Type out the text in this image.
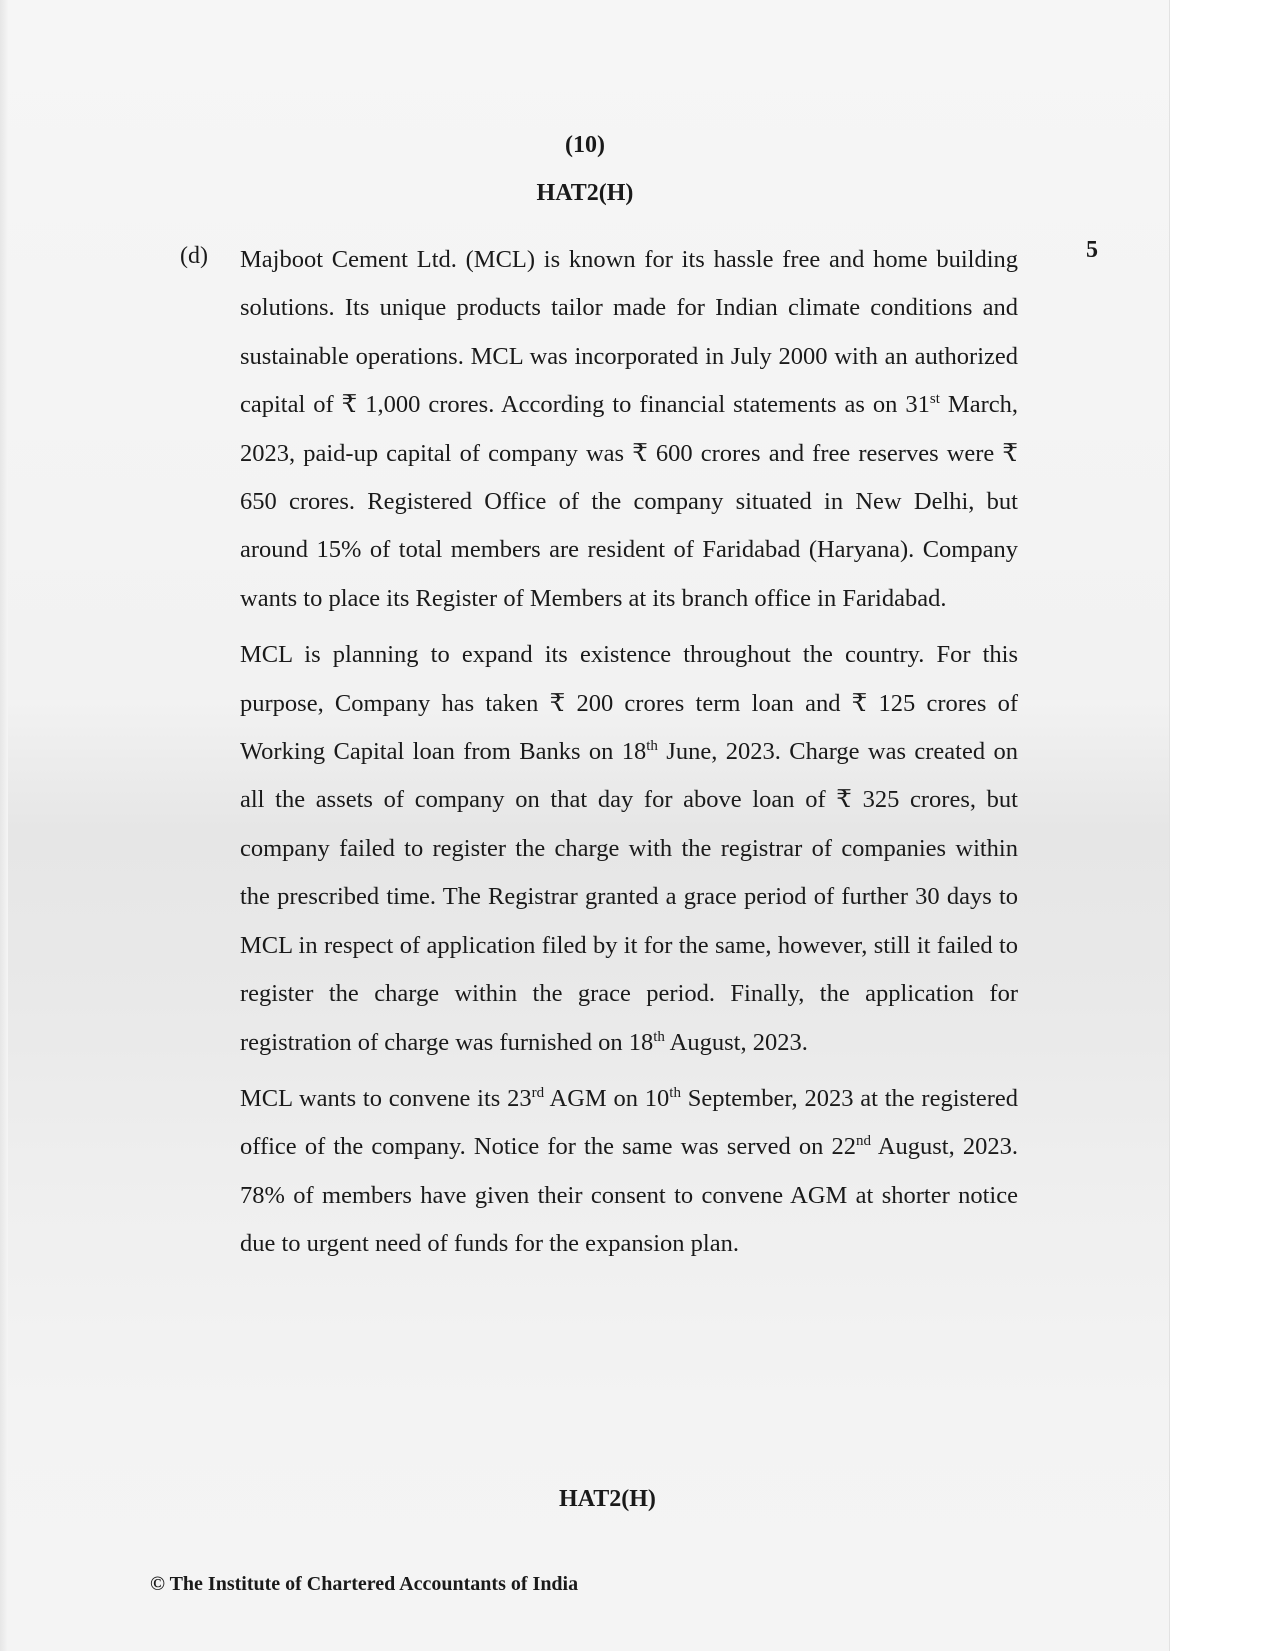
(10)
HAT2(H)
(d)	5

Majboot Cement Ltd. (MCL) is known for its hassle free and home building solutions. Its unique products tailor made for Indian climate conditions and sustainable operations. MCL was incorporated in July 2000 with an authorized capital of ₹ 1,000 crores. According to financial statements as on 31st March, 2023, paid-up capital of company was ₹ 600 crores and free reserves were ₹ 650 crores. Registered Office of the company situated in New Delhi, but around 15% of total members are resident of Faridabad (Haryana). Company wants to place its Register of Members at its branch office in Faridabad.

MCL is planning to expand its existence throughout the country. For this purpose, Company has taken ₹ 200 crores term loan and ₹ 125 crores of Working Capital loan from Banks on 18th June, 2023. Charge was created on all the assets of company on that day for above loan of ₹ 325 crores, but company failed to register the charge with the registrar of companies within the prescribed time. The Registrar granted a grace period of further 30 days to MCL in respect of application filed by it for the same, however, still it failed to register the charge within the grace period. Finally, the application for registration of charge was furnished on 18th August, 2023.

MCL wants to convene its 23rd AGM on 10th September, 2023 at the registered office of the company. Notice for the same was served on 22nd August, 2023. 78% of members have given their consent to convene AGM at shorter notice due to urgent need of funds for the expansion plan.

HAT2(H)
© The Institute of Chartered Accountants of India
